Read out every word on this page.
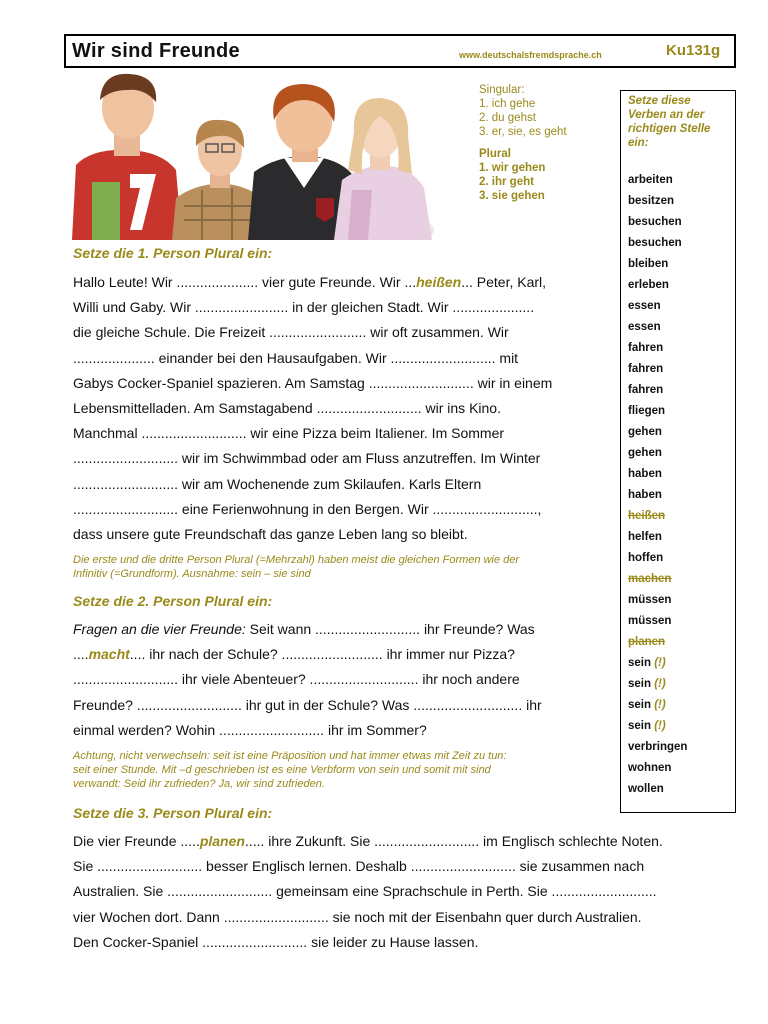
Wir sind Freunde	www.deutschalsfremdsprache.ch	Ku131g
Singular:
1. ich gehe
2. du gehst
3. er, sie, es geht
Plural
1. wir gehen
2. ihr geht
3. sie gehen
Setze diese Verben an der richtigen Stelle ein:
arbeiten
besitzen
besuchen
besuchen
bleiben
erleben
essen
essen
fahren
fahren
fahren
fliegen
gehen
gehen
haben
haben
heißen
helfen
hoffen
machen
müssen
müssen
planen
sein (!)
sein (!)
sein (!)
sein (!)
verbringen
wohnen
wollen
Setze die 1. Person Plural ein:
Hallo Leute! Wir ..................... vier gute Freunde. Wir ...heißen... Peter, Karl,
Willi und Gaby. Wir ........................ in der gleichen Stadt. Wir .....................
die gleiche Schule. Die Freizeit ......................... wir oft zusammen. Wir
..................... einander bei den Hausaufgaben. Wir ........................... mit
Gabys Cocker-Spaniel spazieren. Am Samstag ........................... wir in einem
Lebensmittelladen. Am Samstagabend ........................... wir ins Kino.
Manchmal ........................... wir eine Pizza beim Italiener. Im Sommer
........................... wir im Schwimmbad oder am Fluss anzutreffen. Im Winter
........................... wir am Wochenende zum Skilaufen. Karls Eltern
........................... eine Ferienwohnung in den Bergen. Wir ...........................,
dass unsere gute Freundschaft das ganze Leben lang so bleibt.
Die erste und die dritte Person Plural (=Mehrzahl) haben meist die gleichen Formen wie der
Infinitiv (=Grundform). Ausnahme: sein – sie sind
Setze die 2. Person Plural ein:
Fragen an die vier Freunde: Seit wann ........................... ihr Freunde? Was
....macht.... ihr nach der Schule? .......................... ihr immer nur Pizza?
........................... ihr viele Abenteuer? ............................ ihr noch andere
Freunde? ........................... ihr gut in der Schule? Was ............................ ihr
einmal werden? Wohin ........................... ihr im Sommer?
Achtung, nicht verwechseln: seit ist eine Präposition und hat immer etwas mit Zeit zu tun:
seit einer Stunde. Mit –d geschrieben ist es eine Verbform von sein und somit mit sind
verwandt: Seid ihr zufrieden? Ja, wir sind zufrieden.
Setze die 3. Person Plural ein:
Die vier Freunde .....planen..... ihre Zukunft. Sie ........................... im Englisch schlechte Noten.
Sie ........................... besser Englisch lernen. Deshalb ........................... sie zusammen nach
Australien. Sie ........................... gemeinsam eine Sprachschule in Perth. Sie ...........................
vier Wochen dort. Dann ........................... sie noch mit der Eisenbahn quer durch Australien.
Den Cocker-Spaniel ........................... sie leider zu Hause lassen.
